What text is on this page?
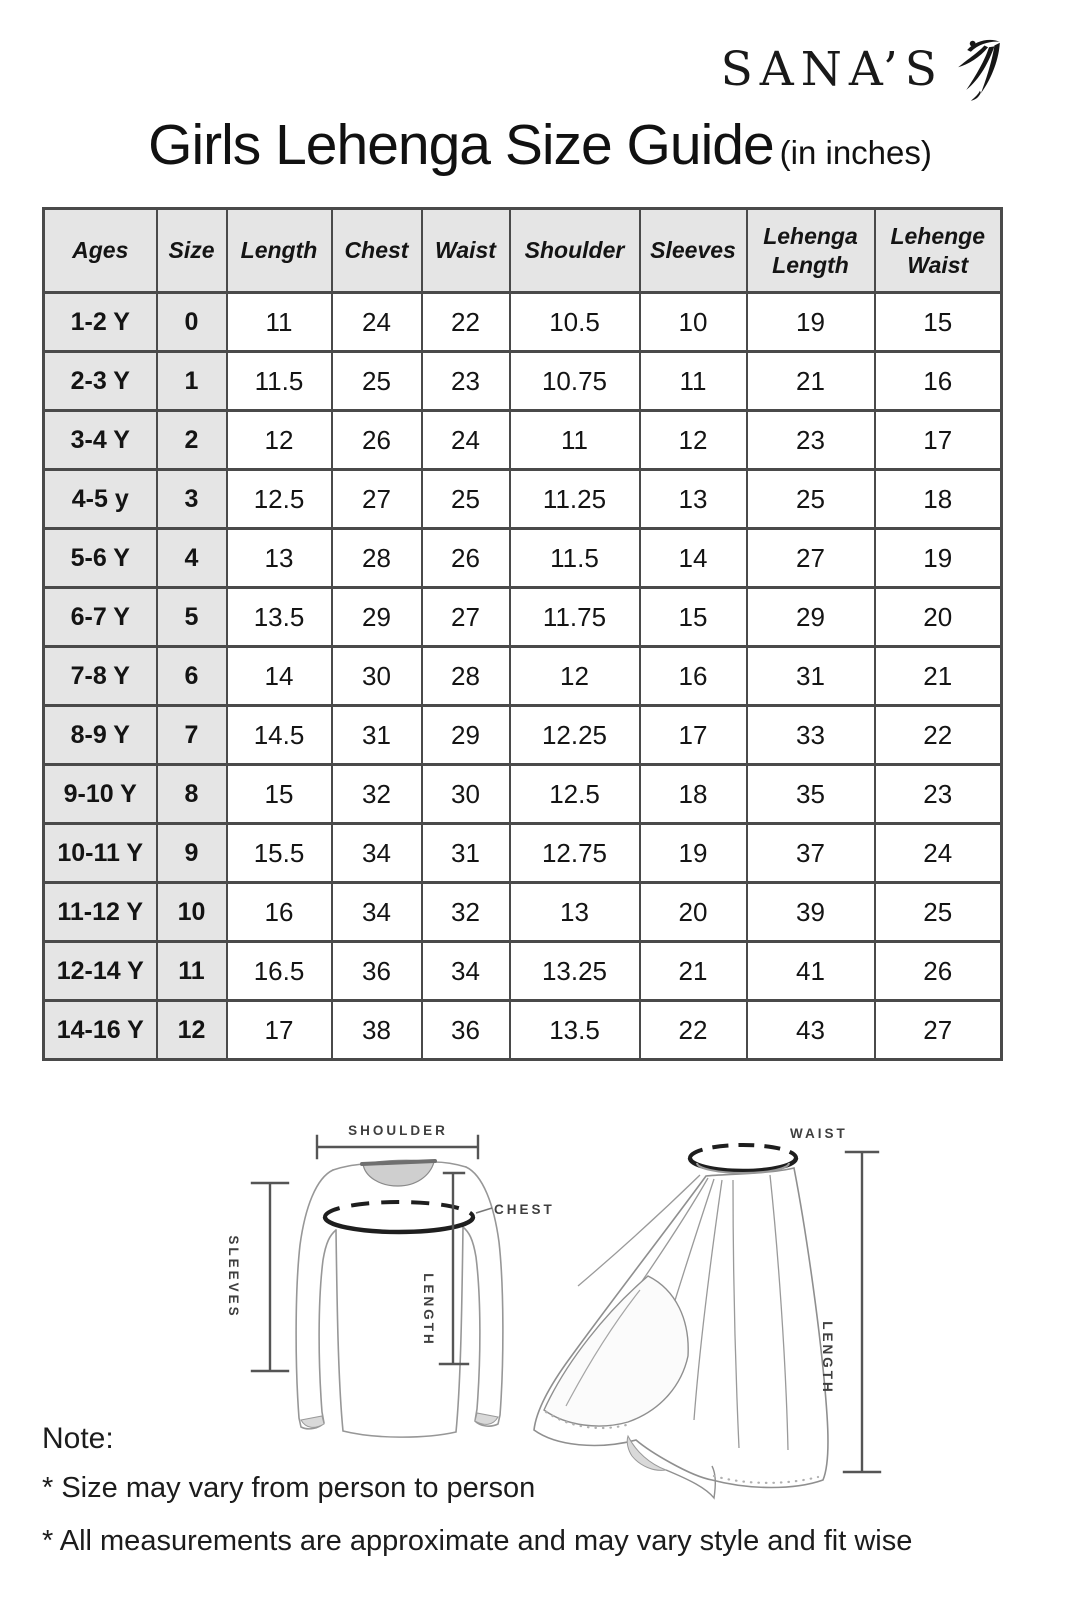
SANA’S
Girls Lehenga Size Guide (in inches)
Ages	Size	Length	Chest	Waist	Shoulder	Sleeves	Lehenga Length	Lehenge Waist
1-2 Y	0	11	24	22	10.5	10	19	15
2-3 Y	1	11.5	25	23	10.75	11	21	16
3-4 Y	2	12	26	24	11	12	23	17
4-5 y	3	12.5	27	25	11.25	13	25	18
5-6 Y	4	13	28	26	11.5	14	27	19
6-7 Y	5	13.5	29	27	11.75	15	29	20
7-8 Y	6	14	30	28	12	16	31	21
8-9 Y	7	14.5	31	29	12.25	17	33	22
9-10 Y	8	15	32	30	12.5	18	35	23
10-11 Y	9	15.5	34	31	12.75	19	37	24
11-12 Y	10	16	34	32	13	20	39	25
12-14 Y	11	16.5	36	34	13.25	21	41	26
14-16 Y	12	17	38	36	13.5	22	43	27
SHOULDER
CHEST
SLEEVES	LENGTH
WAIST
LENGTH

Note:

* Size may vary from person to person

* All measurements are approximate and may vary style and fit wise
